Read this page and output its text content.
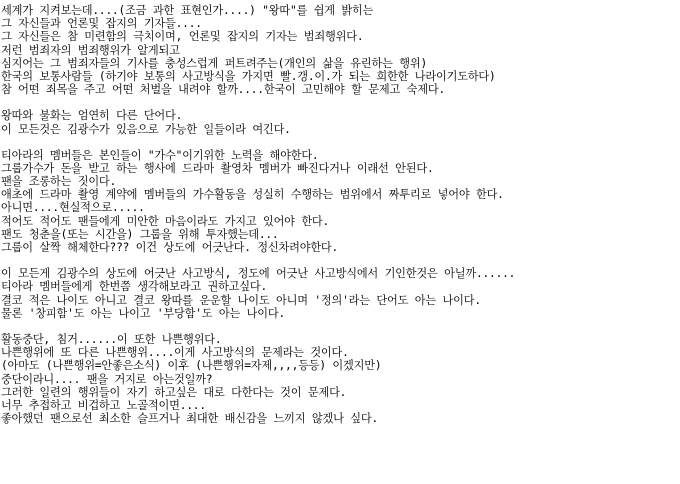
세계가 지켜보는데....(조금 과한 표현인가....) "왕따"를 쉽게 밝히는
그 자신들과 언론및 잡지의 기자들....
그 자신들은 참 미련함의 극치이며, 언론및 잡지의 기자는 범죄행위다.
저런 범죄자의 범죄행위가 알게되고
심지어는 그 범죄자들의 기사를 충성스럽게 퍼트려주는(개인의 삶을 유린하는 행위)
한국의 보통사람들 (하기야 보통의 사고방식을 가지면 빨.갱.이.가 되는 희한한 나라이기도하다)
참 어떤 죄목을 주고 어떤 처벌을 내려야 할까....한국이 고민해야 할 문제고 숙제다.
왕따와 불화는 엄연히 다른 단어다.
이 모든것은 김광수가 있음으로 가능한 일들이라 여긴다.
티아라의 멤버들은 본인들이 "가수"이기위한 노력을 해야한다.
그룹가수가 돈을 받고 하는 행사에 드라마 촬영차 멤버가 빠진다거나 이래선 안된다.
팬을 조롱하는 짓이다.
애초에 드라마 촬영 계약에 멤버들의 가수활동을 성실히 수행하는 범위에서 짜투리로 넣어야 한다.
아니면....현실적으로.....
적어도 적어도 팬들에게 미안한 마음이라도 가지고 있어야 한다.
팬도 청춘을(또는 시간을) 그룹을 위해 투자했는데...
그룹이 살짝 해체한다??? 이건 상도에 어긋난다. 정신차려야한다.
이 모든게 김광수의 상도에 어긋난 사고방식, 정도에 어긋난 사고방식에서 기인한것은 아닐까......
티아라 멤버들에게 한번쯤 생각해보라고 권하고싶다.
결코 적은 나이도 아니고 결코 왕따를 운운할 나이도 아니며 '정의'라는 단어도 아는 나이다.
물론 '창피함'도 아는 나이고 '부당함'도 아는 나이다.
활동중단, 침거......이 또한 나쁜행위다.
나쁜행위에 또 다른 나쁜행위....이게 사고방식의 문제라는 것이다.
(아마도 (나쁜행위=안좋은소식) 이후 (나쁜행위=자제,,,,등등) 이겠지만)
중단이라니.... 팬을 거지로 아는것일까?
그러한 일련의 행위들이 자기 하고싶은 대로 다한다는 것이 문제다.
너무 추접하고 비겁하고 노골적이면....
좋아했던 팬으로선 최소한 슬프거나 최대한 배신감을 느끼지 않겠나 싶다.
